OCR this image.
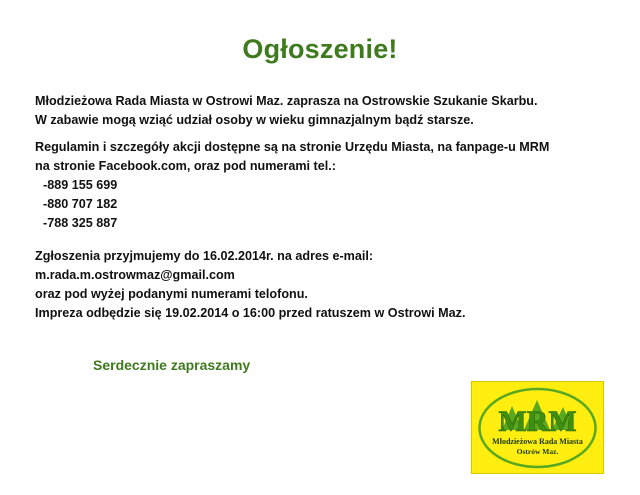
Ogłoszenie!
Młodzieżowa Rada Miasta w Ostrowi Maz. zaprasza na Ostrowskie Szukanie Skarbu.
W zabawie mogą wziąć udział osoby w wieku gimnazjalnym bądź starsze.
Regulamin i szczegóły akcji dostępne są na stronie Urzędu Miasta, na fanpage-u MRM
na stronie Facebook.com, oraz pod numerami tel.:
-889 155 699
-880 707 182
-788 325 887
Zgłoszenia przyjmujemy do 16.02.2014r. na adres e-mail:
m.rada.m.ostrowmaz@gmail.com
oraz pod wyżej podanymi numerami telofonu.
Impreza odbędzie się 19.02.2014 o 16:00 przed ratuszem w Ostrowi Maz.
Serdecznie zapraszamy
MRM
Młodzieżowa Rada Miasta
Ostrów Maz.
